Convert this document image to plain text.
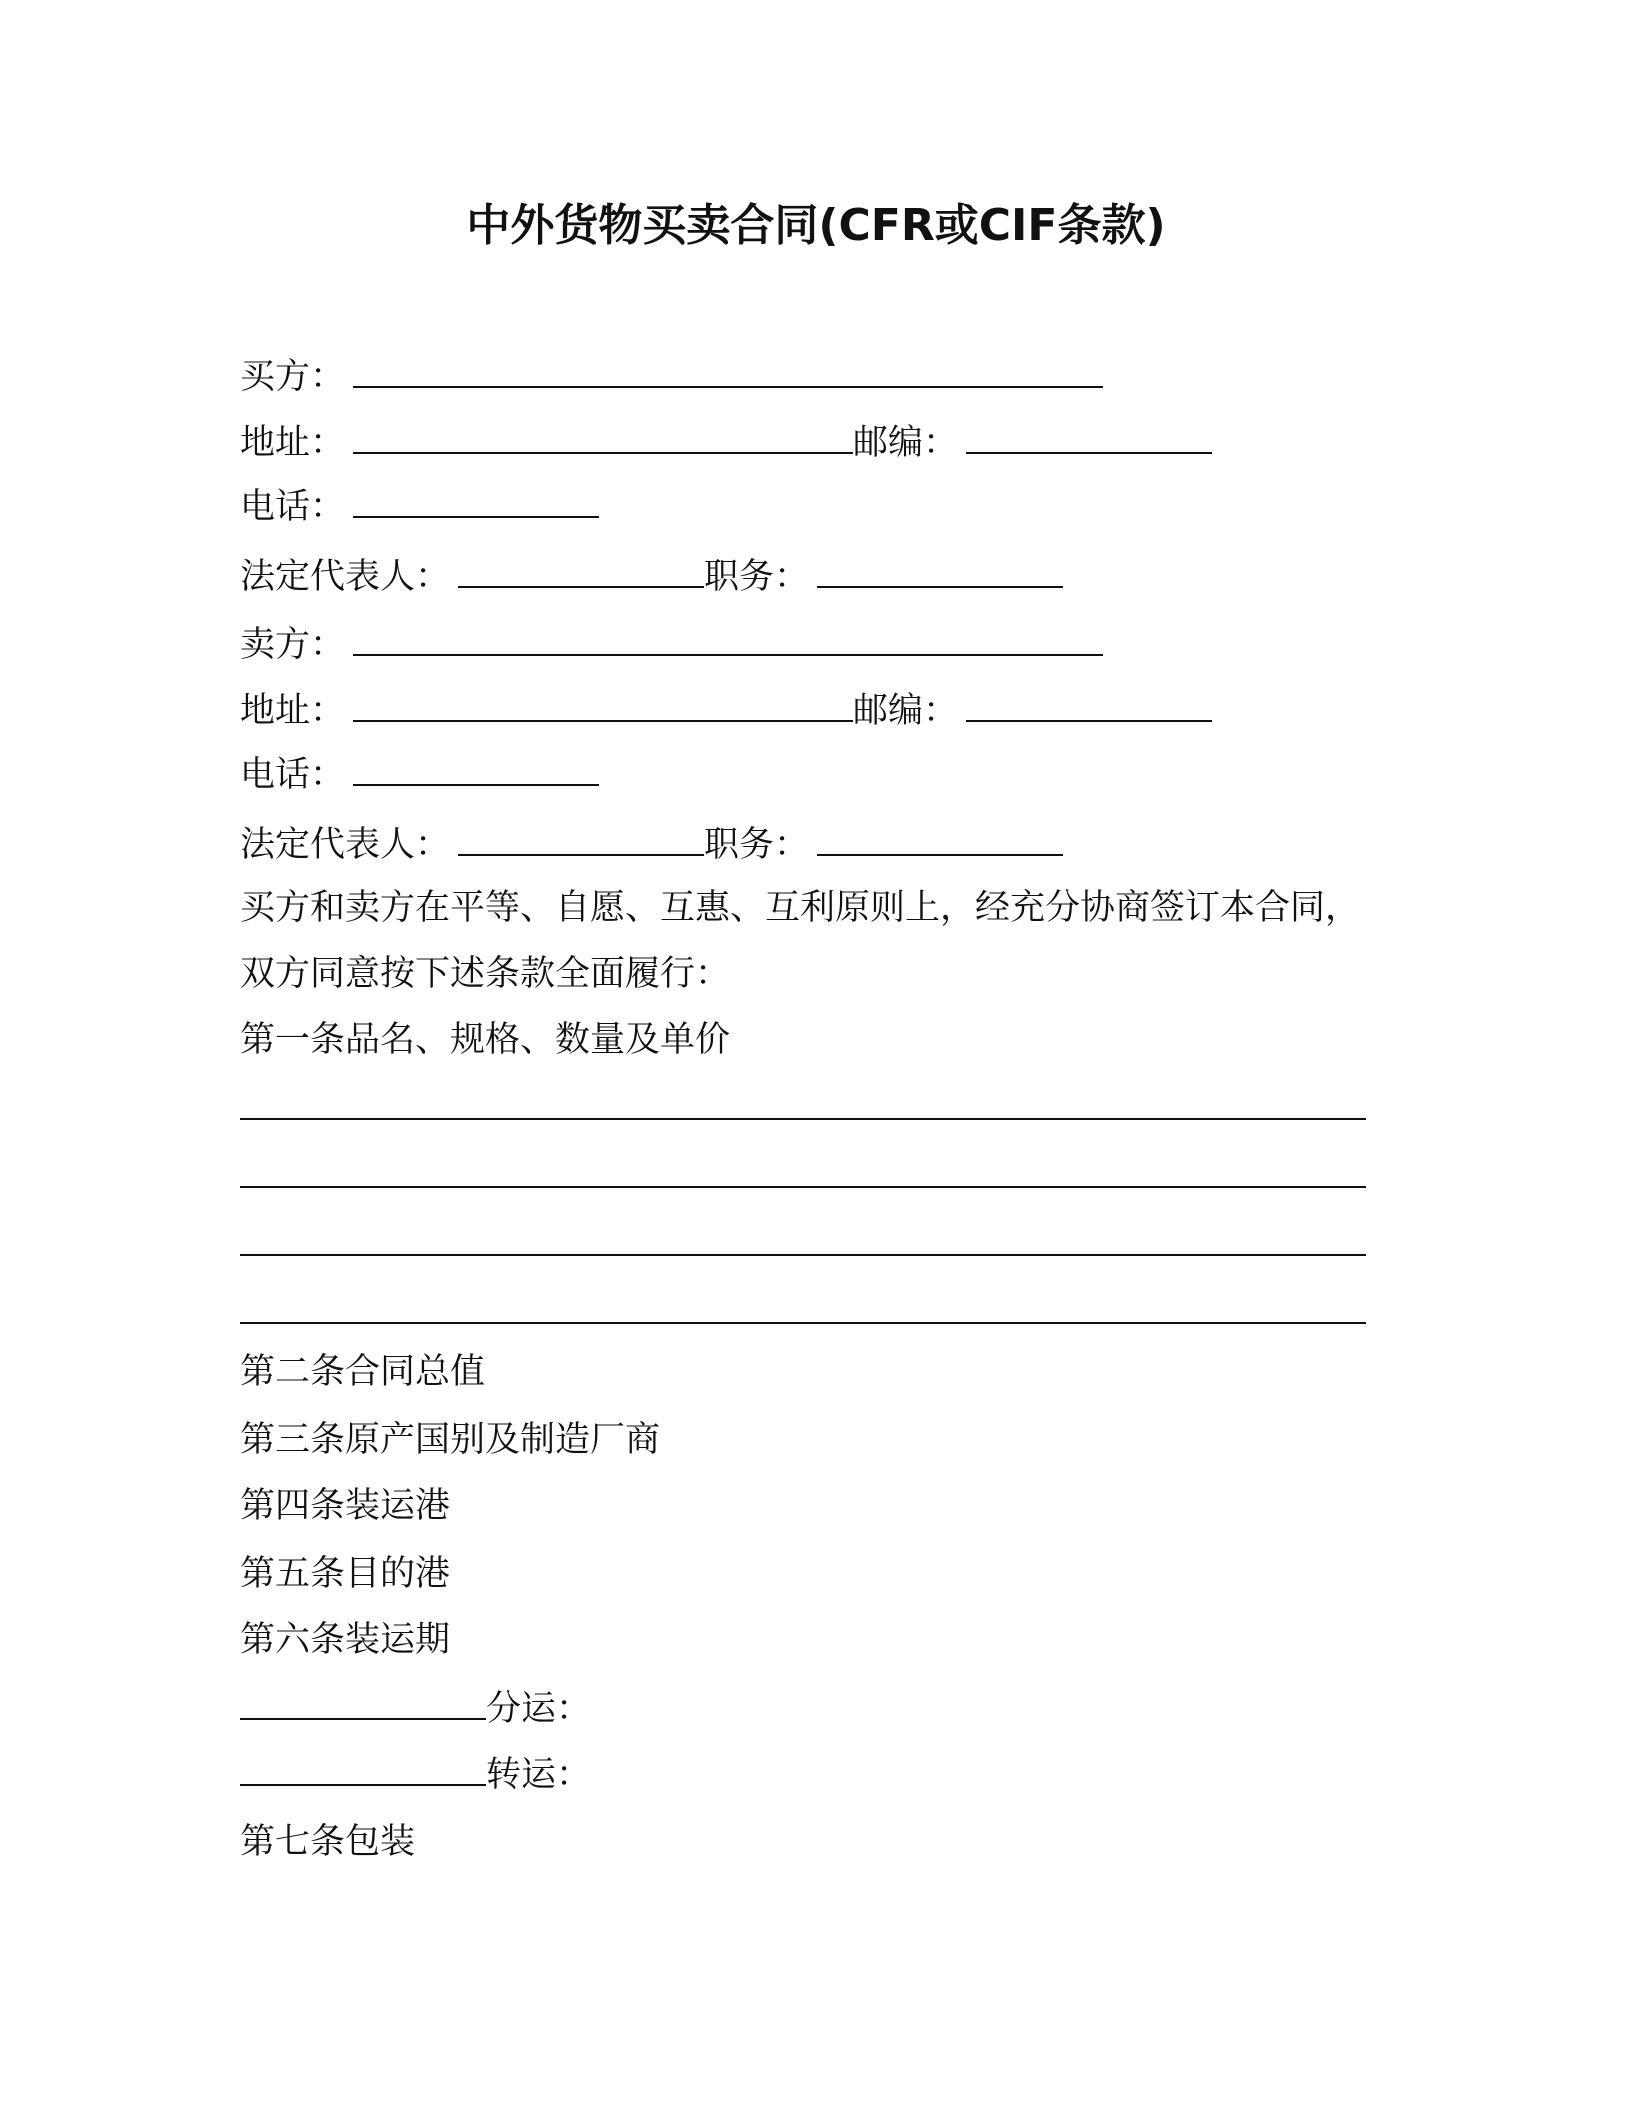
中外货物买卖合同(CFR或CIF条款)
买方：
地址：	邮编：
电话：
法定代表人：	职务：
卖方：
地址：	邮编：
电话：
法定代表人：	职务：
买方和卖方在平等、自愿、互惠、互利原则上，经充分协商签订本合同，
双方同意按下述条款全面履行：
第一条品名、规格、数量及单价
第二条合同总值
第三条原产国别及制造厂商
第四条装运港
第五条目的港
第六条装运期
分运：
转运：
第七条包装
